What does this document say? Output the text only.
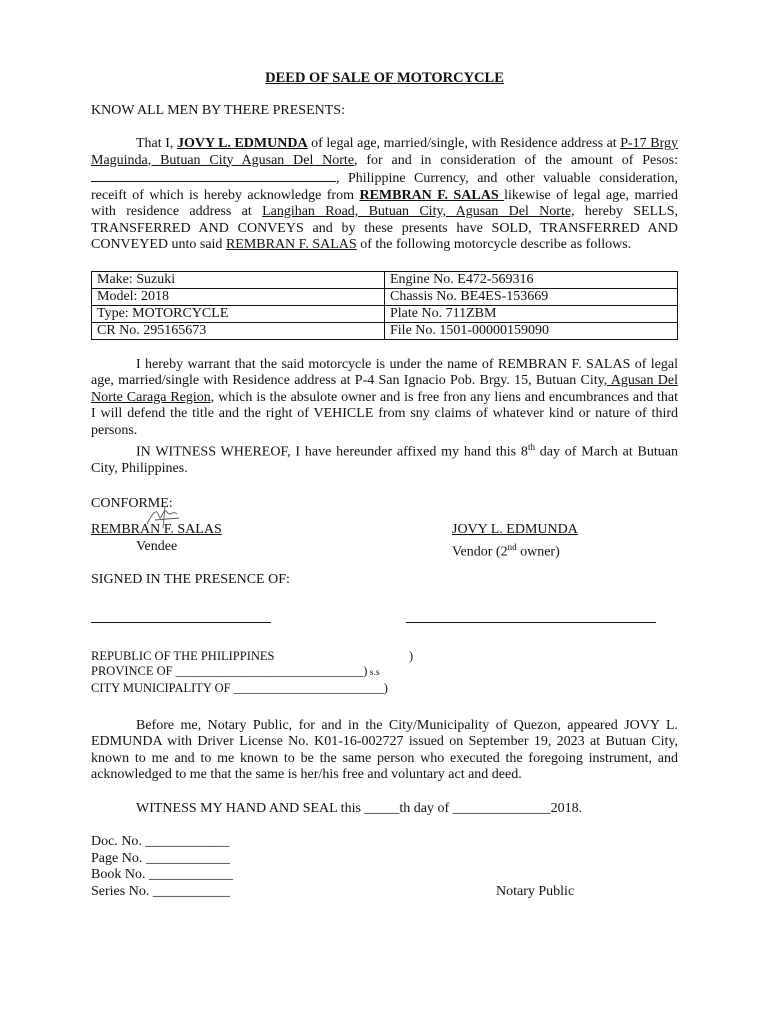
DEED OF SALE OF MOTORCYCLE

KNOW ALL MEN BY THERE PRESENTS:

That I, JOVY L. EDMUNDA of legal age, married/single, with Residence address at P-17 Brgy Maguinda, Butuan City Agusan Del Norte, for and in consideration of the amount of Pesos: , Philippine Currency, and other valuable consideration, receift of which is hereby acknowledge from REMBRAN F. SALAS likewise of legal age, married with residence address at Langihan Road, Butuan City, Agusan Del Norte, hereby SELLS, TRANSFERRED AND CONVEYS and by these presents have SOLD, TRANSFERRED AND CONVEYED unto said REMBRAN F. SALAS of the following motorcycle describe as follows.

Make: Suzuki	Engine No. E472-569316
Model: 2018	Chassis No. BE4ES-153669
Type: MOTORCYCLE	Plate No. 711ZBM
CR No. 295165673	File No. 1501-00000159090

I hereby warrant that the said motorcycle is under the name of REMBRAN F. SALAS of legal age, married/single with Residence address at P-4 San Ignacio Pob. Brgy. 15, Butuan City, Agusan Del Norte Caraga Region, which is the absulote owner and is free fron any liens and encumbrances and that I will defend the title and the right of VEHICLE from sny claims of whatever kind or nature of third persons.

IN WITNESS WHEREOF, I have hereunder affixed my hand this 8th day of March at Butuan City, Philippines.

CONFORME:

REMBRAN F. SALAS
Vendee
JOVY L. EDMUNDA
Vendor (2nd owner)

SIGNED IN THE PRESENCE OF:

REPUBLIC OF THE PHILIPPINES	)
PROVINCE OF ______________________________) s.s
CITY MUNICIPALITY OF ________________________)

Before me, Notary Public, for and in the City/Municipality of Quezon, appeared JOVY L. EDMUNDA with Driver License No. K01-16-002727 issued on September 19, 2023 at Butuan City, known to me and to me known to be the same person who executed the foregoing instrument, and acknowledged to me that the same is her/his free and voluntary act and deed.

WITNESS MY HAND AND SEAL this _____th day of ______________2018.

Doc. No. ____________
Page No. ____________
Book No. ____________
Series No. ___________	Notary Public
